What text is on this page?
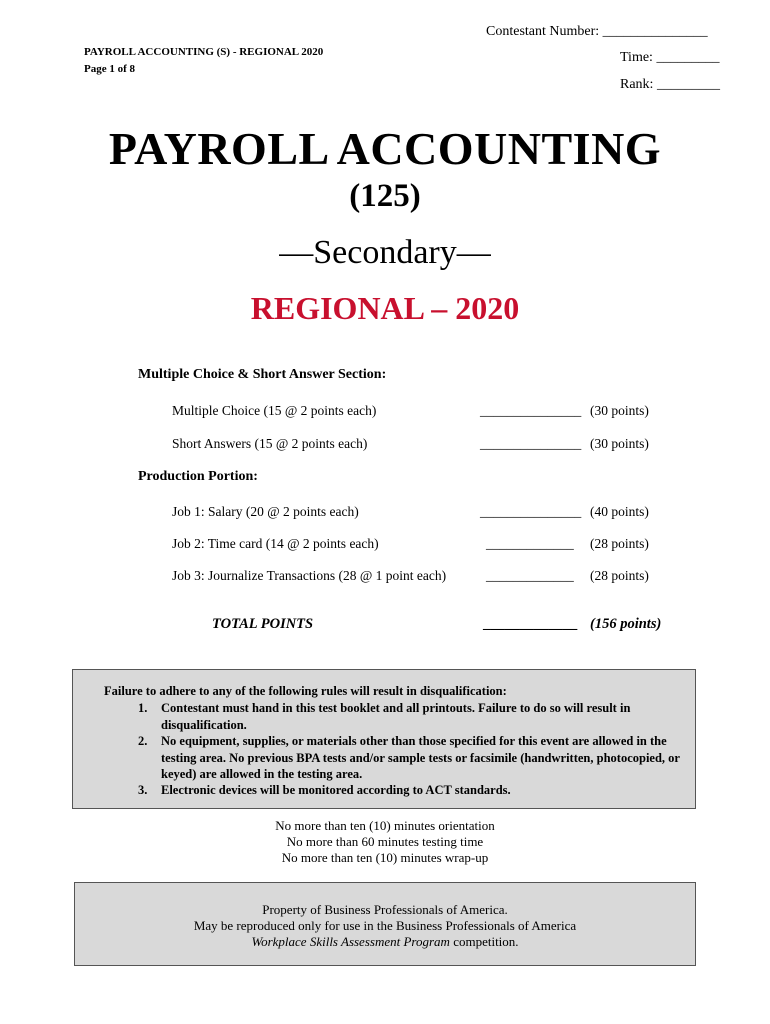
Contestant Number: _______________
PAYROLL ACCOUNTING (S) - REGIONAL 2020
Page 1 of 8
Time: _________
Rank: _________
PAYROLL ACCOUNTING
(125)
—Secondary—
REGIONAL – 2020
Multiple Choice & Short Answer Section:
Multiple Choice (15 @ 2 points each)	_______________ (30 points)
Short Answers (15 @ 2 points each)	_______________ (30 points)
Production Portion:
Job 1: Salary (20 @ 2 points each)	_______________ (40 points)
Job 2: Time card (14 @ 2 points each)	_____________ (28 points)
Job 3: Journalize Transactions (28 @ 1 point each)	_____________ (28 points)
TOTAL POINTS	_____________ (156 points)
Failure to adhere to any of the following rules will result in disqualification:
1. Contestant must hand in this test booklet and all printouts. Failure to do so will result in disqualification.
2. No equipment, supplies, or materials other than those specified for this event are allowed in the testing area. No previous BPA tests and/or sample tests or facsimile (handwritten, photocopied, or keyed) are allowed in the testing area.
3. Electronic devices will be monitored according to ACT standards.
No more than ten (10) minutes orientation
No more than 60 minutes testing time
No more than ten (10) minutes wrap-up
Property of Business Professionals of America.
May be reproduced only for use in the Business Professionals of America
Workplace Skills Assessment Program competition.
